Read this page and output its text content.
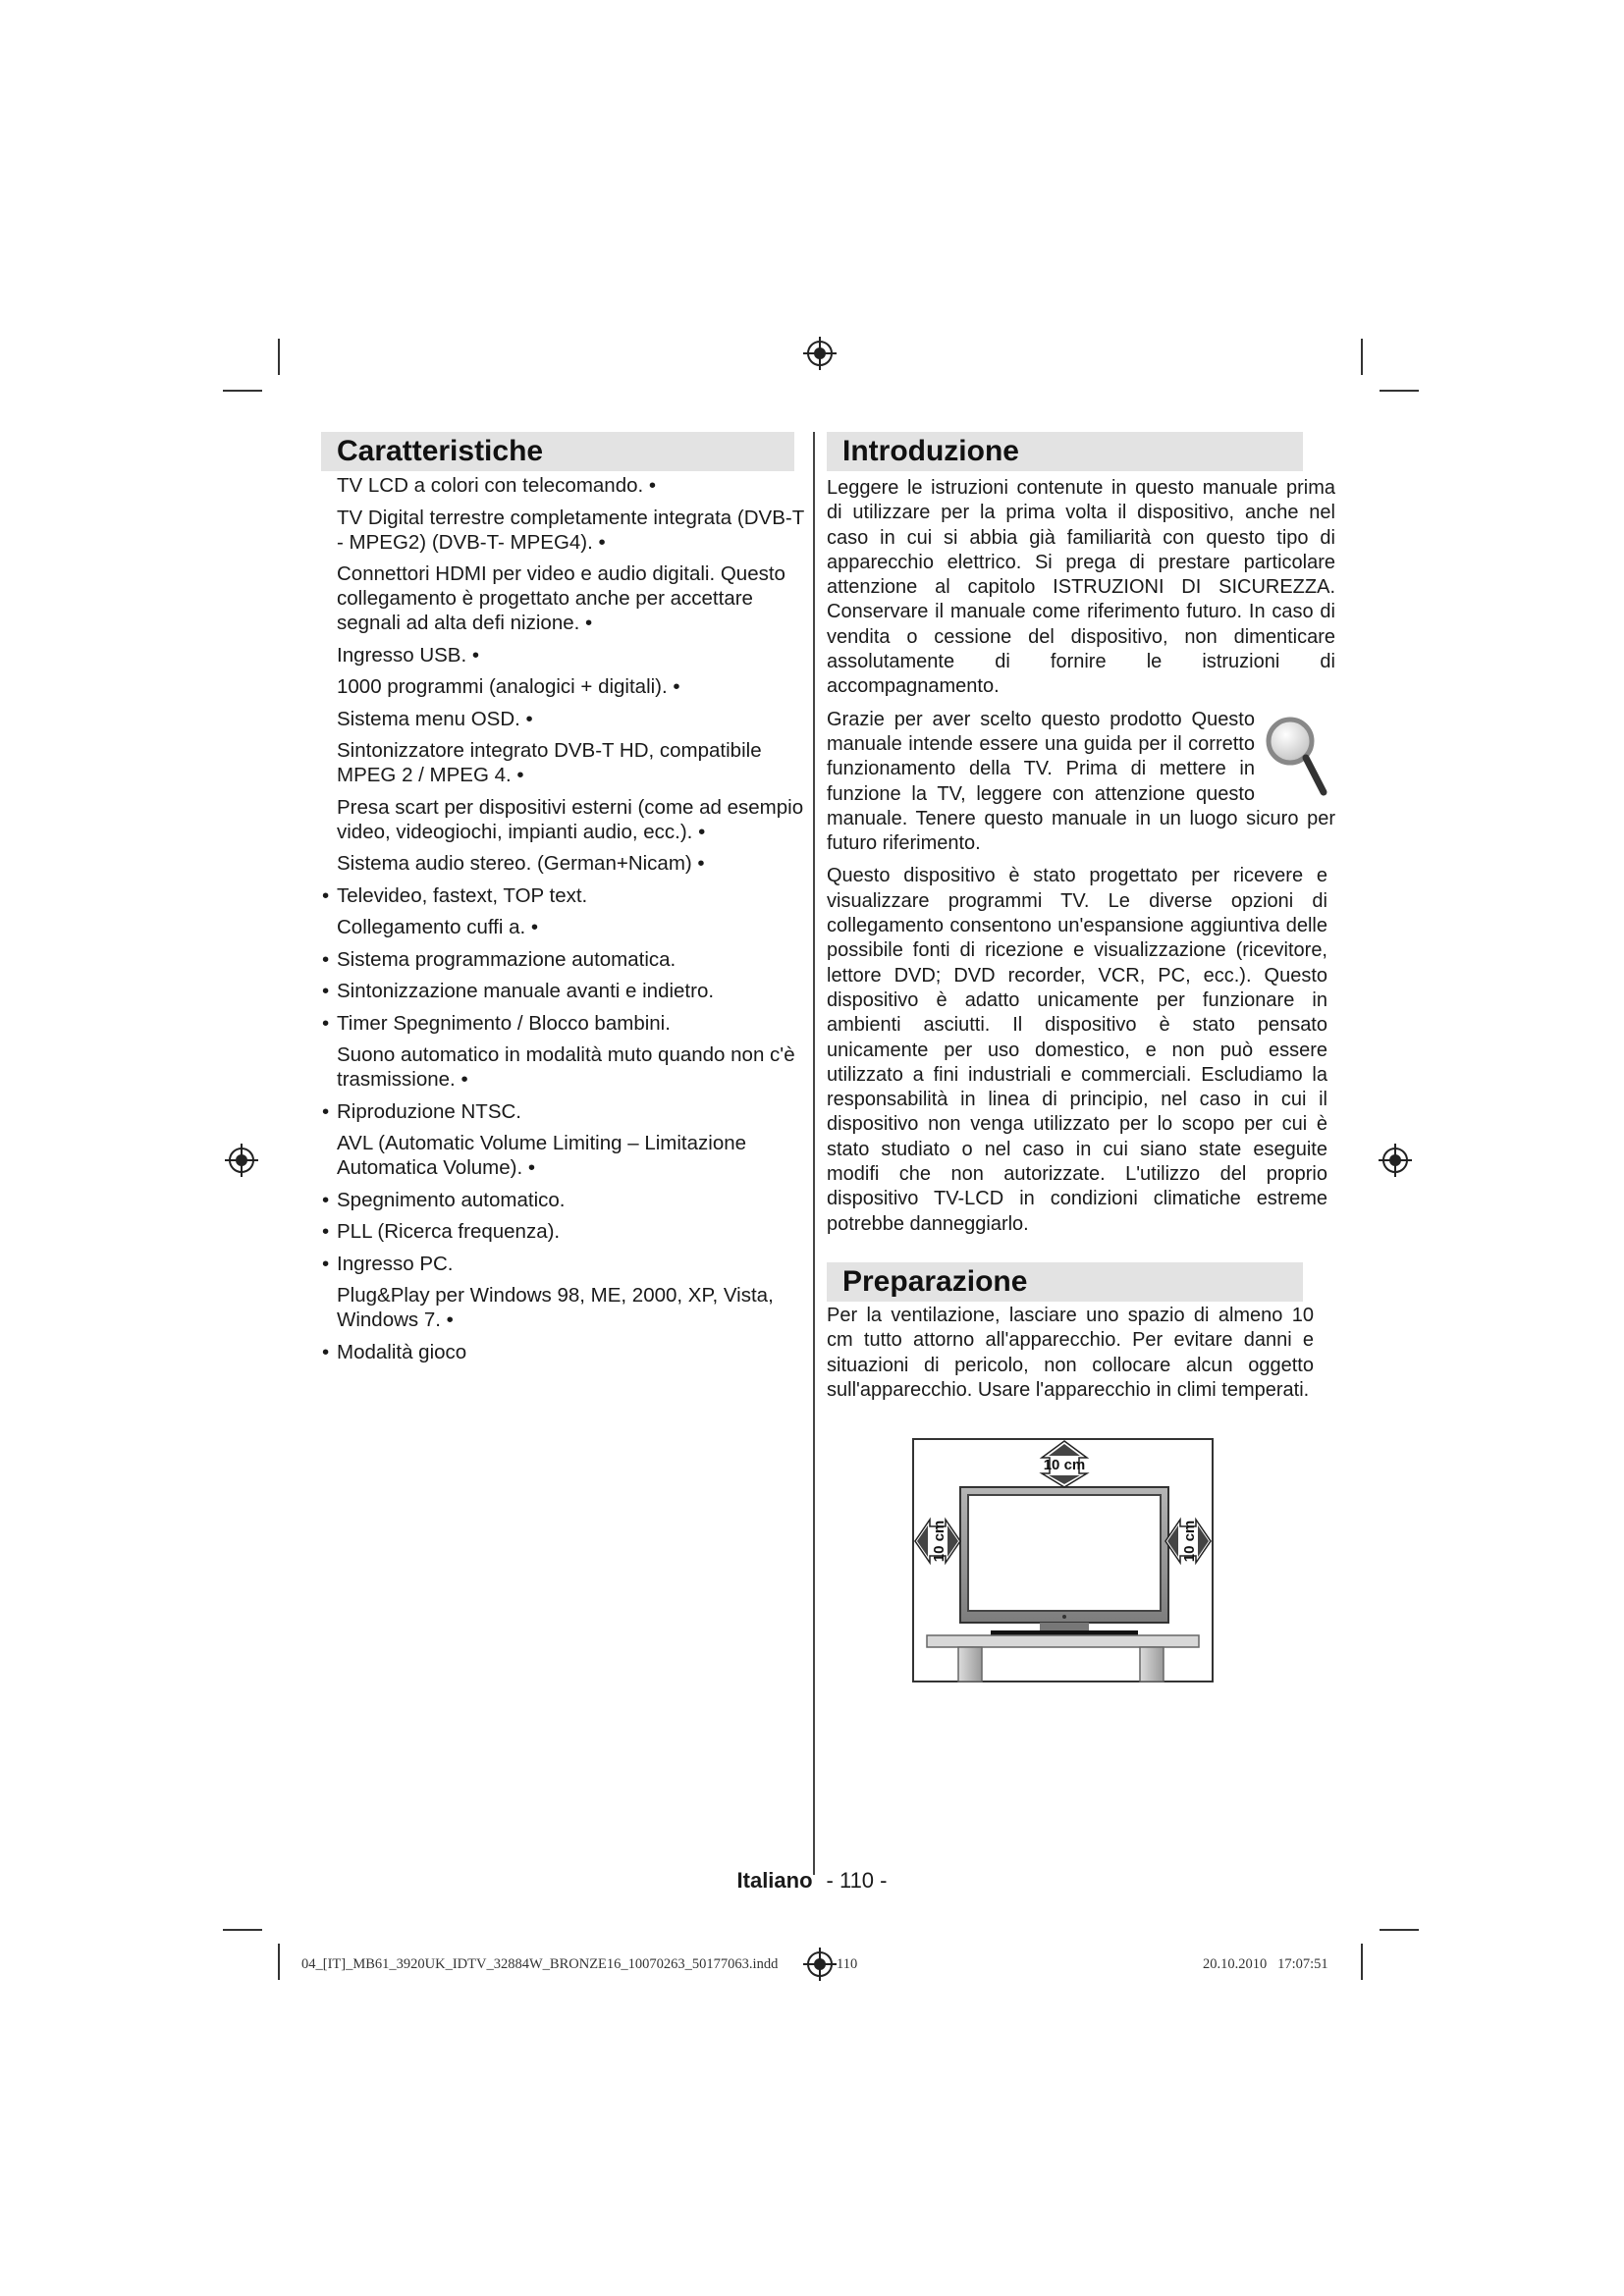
Caratteristiche
TV LCD a colori con telecomando. •
TV Digital terrestre completamente integrata (DVB-T - MPEG2) (DVB-T- MPEG4). •
Connettori HDMI per video e audio digitali. Questo collegamento è progettato anche per accettare segnali ad alta defi nizione. •
Ingresso USB. •
1000 programmi (analogici + digitali). •
Sistema menu OSD. •
Sintonizzatore integrato DVB-T HD, compatibile MPEG 2 / MPEG 4. •
Presa scart per dispositivi esterni (come ad esempio video, videogiochi, impianti audio, ecc.). •
Sistema audio stereo. (German+Nicam) •
• Televideo, fastext, TOP text.
Collegamento cuffi a. •
• Sistema programmazione automatica.
• Sintonizzazione manuale avanti e indietro.
• Timer Spegnimento / Blocco bambini.
Suono automatico in modalità muto quando non c'è trasmissione. •
• Riproduzione NTSC.
AVL (Automatic Volume Limiting – Limitazione Automatica Volume). •
• Spegnimento automatico.
• PLL (Ricerca frequenza).
• Ingresso PC.
Plug&Play per Windows 98, ME, 2000, XP, Vista, Windows 7. •
• Modalità gioco
Introduzione

Leggere le istruzioni contenute in questo manuale prima di utilizzare per la prima volta il dispositivo, anche nel caso in cui si abbia già familiarità con questo tipo di apparecchio elettrico. Si prega di prestare particolare attenzione al capitolo ISTRUZIONI DI SICUREZZA. Conservare il manuale come riferimento futuro. In caso di vendita o cessione del dispositivo, non dimenticare assolutamente di fornire le istruzioni di accompagnamento.

Grazie per aver scelto questo prodotto Questo manuale intende essere una guida per il corretto funzionamento della TV. Prima di mettere in funzione la TV, leggere con attenzione questo manuale. Tenere questo manuale in un luogo sicuro per futuro riferimento.

Questo dispositivo è stato progettato per ricevere e visualizzare programmi TV. Le diverse opzioni di collegamento consentono un'espansione aggiuntiva delle possibile fonti di ricezione e visualizzazione (ricevitore, lettore DVD; DVD recorder, VCR, PC, ecc.). Questo dispositivo è adatto unicamente per funzionare in ambienti asciutti. Il dispositivo è stato pensato unicamente per uso domestico, e non può essere utilizzato a fini industriali e commerciali. Escludiamo la responsabilità in linea di principio, nel caso in cui il dispositivo non venga utilizzato per lo scopo per cui è stato studiato o nel caso in cui siano state eseguite modifi che non autorizzate. L'utilizzo del proprio dispositivo TV-LCD in condizioni climatiche estreme potrebbe danneggiarlo.

Preparazione

Per la ventilazione, lasciare uno spazio di almeno 10 cm tutto attorno all'apparecchio. Per evitare danni e situazioni di pericolo, non collocare alcun oggetto sull'apparecchio. Usare l'apparecchio in climi temperati.

10 cm
10 cm	10 cm
Italiano - 110 -
04_[IT]_MB61_3920UK_IDTV_32884W_BRONZE16_10070263_50177063.indd	110	20.10.2010   17:07:51
